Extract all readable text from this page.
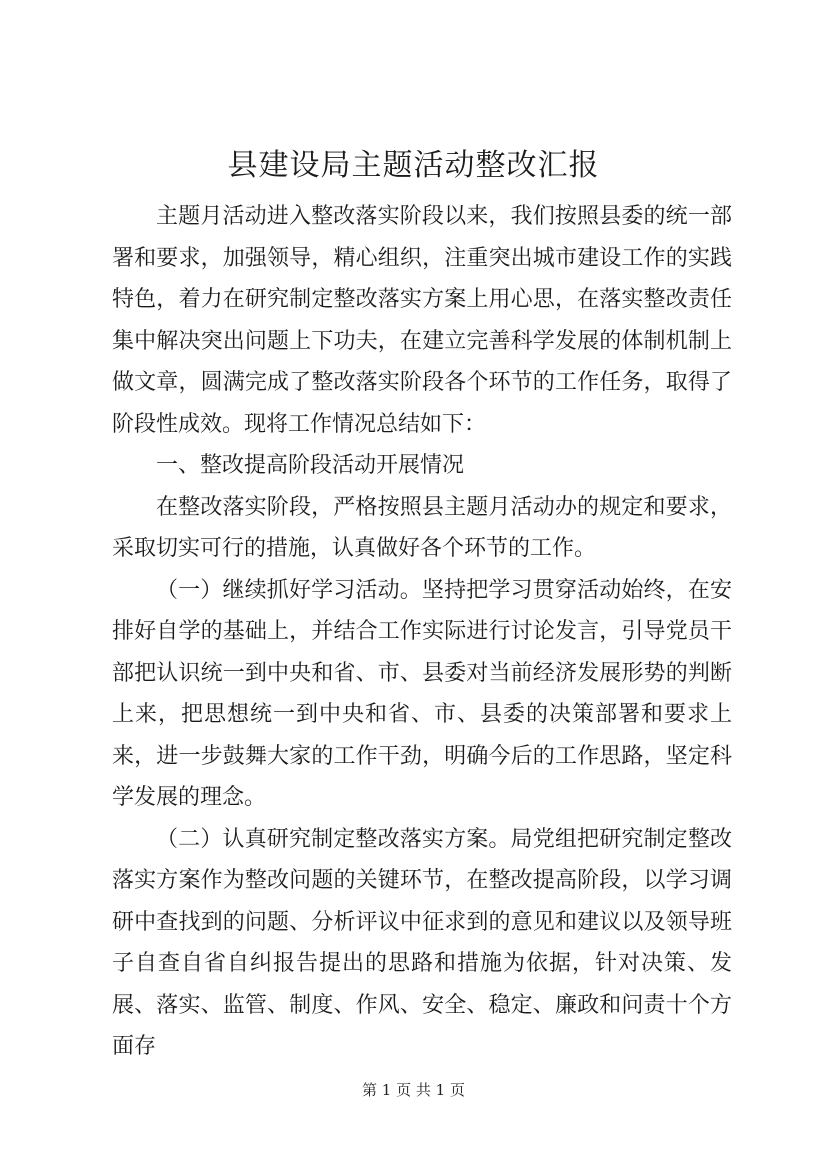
县建设局主题活动整改汇报

主题月活动进入整改落实阶段以来，我们按照县委的统一部署和要求，加强领导，精心组织，注重突出城市建设工作的实践特色，着力在研究制定整改落实方案上用心思，在落实整改责任集中解决突出问题上下功夫，在建立完善科学发展的体制机制上做文章，圆满完成了整改落实阶段各个环节的工作任务，取得了阶段性成效。现将工作情况总结如下：

一、整改提高阶段活动开展情况

在整改落实阶段，严格按照县主题月活动办的规定和要求，采取切实可行的措施，认真做好各个环节的工作。

（一）继续抓好学习活动。坚持把学习贯穿活动始终，在安排好自学的基础上，并结合工作实际进行讨论发言，引导党员干部把认识统一到中央和省、市、县委对当前经济发展形势的判断上来，把思想统一到中央和省、市、县委的决策部署和要求上来，进一步鼓舞大家的工作干劲，明确今后的工作思路，坚定科学发展的理念。

（二）认真研究制定整改落实方案。局党组把研究制定整改落实方案作为整改问题的关键环节，在整改提高阶段，以学习调研中查找到的问题、分析评议中征求到的意见和建议以及领导班子自查自省自纠报告提出的思路和措施为依据，针对决策、发展、落实、监管、制度、作风、安全、稳定、廉政和问责十个方面存

第 1 页 共 1 页
